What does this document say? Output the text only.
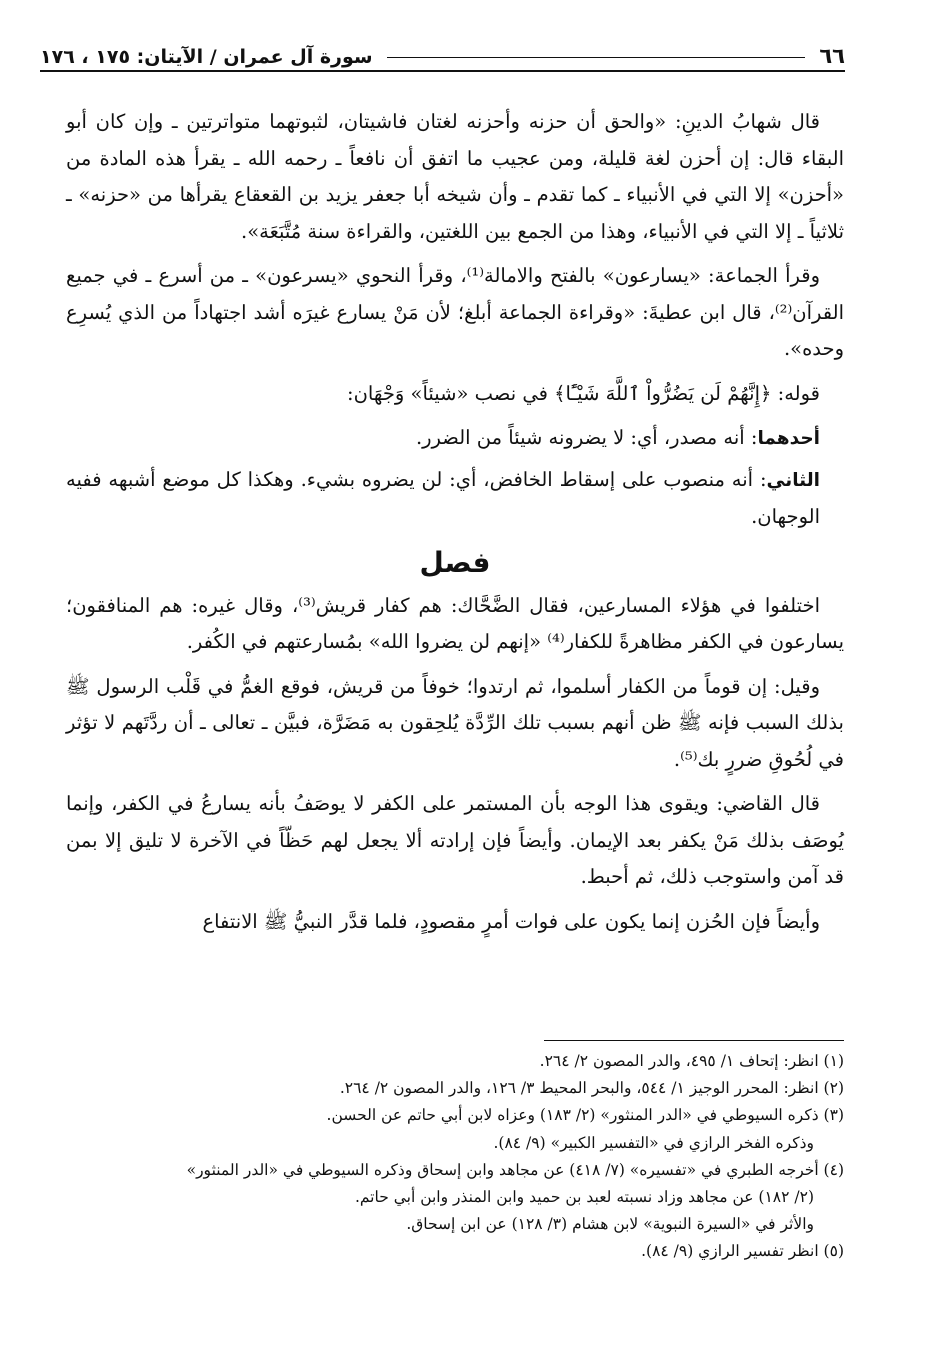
٦٦
سورة آل عمران / الآيتان: ١٧٥ ، ١٧٦

قال شهابُ الدينِ: «والحق أن حزنه وأحزنه لغتان فاشيتان، لثبوتهما متواترتين ـ وإن كان أبو البقاء قال: إن أحزن لغة قليلة، ومن عجيب ما اتفق أن نافعاً ـ رحمه الله ـ يقرأ هذه المادة من «أحزن» إلا التي في الأنبياء ـ كما تقدم ـ وأن شيخه أبا جعفر يزيد بن القعقاع يقرأها من «حزنه» ـ ثلاثياً ـ إلا التي في الأنبياء، وهذا من الجمع بين اللغتين، والقراءة سنة مُتَّبَعَة».

وقرأ الجماعة: «يسارعون» بالفتح والامالة⁽¹⁾، وقرأ النحوي «يسرعون» ـ من أسرع ـ في جميع القرآن⁽²⁾، قال ابن عطيةَ: «وقراءة الجماعة أبلغ؛ لأن مَنْ يسارع غيرَه أشد اجتهاداً من الذي يُسرِع وحده».

قوله: ﴿إِنَّهُمْ لَن يَضُرُّواْ ٱللَّهَ شَيْـًٔا﴾ في نصب «شيئاً» وَجْهَان:

أحدهما: أنه مصدر، أي: لا يضرونه شيئاً من الضرر.

الثاني: أنه منصوب على إسقاط الخافض، أي: لن يضروه بشيء. وهكذا كل موضع أشبهه ففيه الوجهان.

فصل

اختلفوا في هؤلاء المسارعين، فقال الضَّحَّاك: هم كفار قريش⁽³⁾، وقال غيره: هم المنافقون؛ يسارعون في الكفر مظاهرةً للكفار⁽⁴⁾ «إنهم لن يضروا الله» بمُسارعتهم في الكُفر.

وقيل: إن قوماً من الكفار أسلموا، ثم ارتدوا؛ خوفاً من قريش، فوقع الغمُّ في قَلْب الرسول ﷺ بذلك السبب فإنه ﷺ ظن أنهم بسبب تلك الرِّدَّة يُلحِقون به مَضَرَّة، فبيَّن ـ تعالى ـ أن ردَّتَهم لا تؤثر في لُحُوقِ ضررٍ بك⁽⁵⁾.

قال القاضي: ويقوى هذا الوجه بأن المستمر على الكفر لا يوصَفُ بأنه يسارعُ في الكفر، وإنما يُوصَف بذلك مَنْ يكفر بعد الإيمان. وأيضاً فإن إرادته ألا يجعل لهم حَظّاً في الآخرة لا تليق إلا بمن قد آمن واستوجب ذلك، ثم أحبط.

وأيضاً فإن الحُزن إنما يكون على فوات أمرٍ مقصودٍ، فلما قدَّر النبيُّ ﷺ الانتفاع

(١) انظر: إتحاف ١/ ٤٩٥، والدر المصون ٢/ ٢٦٤.

(٢) انظر: المحرر الوجيز ١/ ٥٤٤، والبحر المحيط ٣/ ١٢٦، والدر المصون ٢/ ٢٦٤.

(٣) ذكره السيوطي في «الدر المنثور» (٢/ ١٨٣) وعزاه لابن أبي حاتم عن الحسن.

وذكره الفخر الرازي في «التفسير الكبير» (٩/ ٨٤).

(٤) أخرجه الطبري في «تفسيره» (٧/ ٤١٨) عن مجاهد وابن إسحاق وذكره السيوطي في «الدر المنثور»

(٢/ ١٨٢) عن مجاهد وزاد نسبته لعبد بن حميد وابن المنذر وابن أبي حاتم.

والأثر في «السيرة النبوية» لابن هشام (٣/ ١٢٨) عن ابن إسحاق.

(٥) انظر تفسير الرازي (٩/ ٨٤).
